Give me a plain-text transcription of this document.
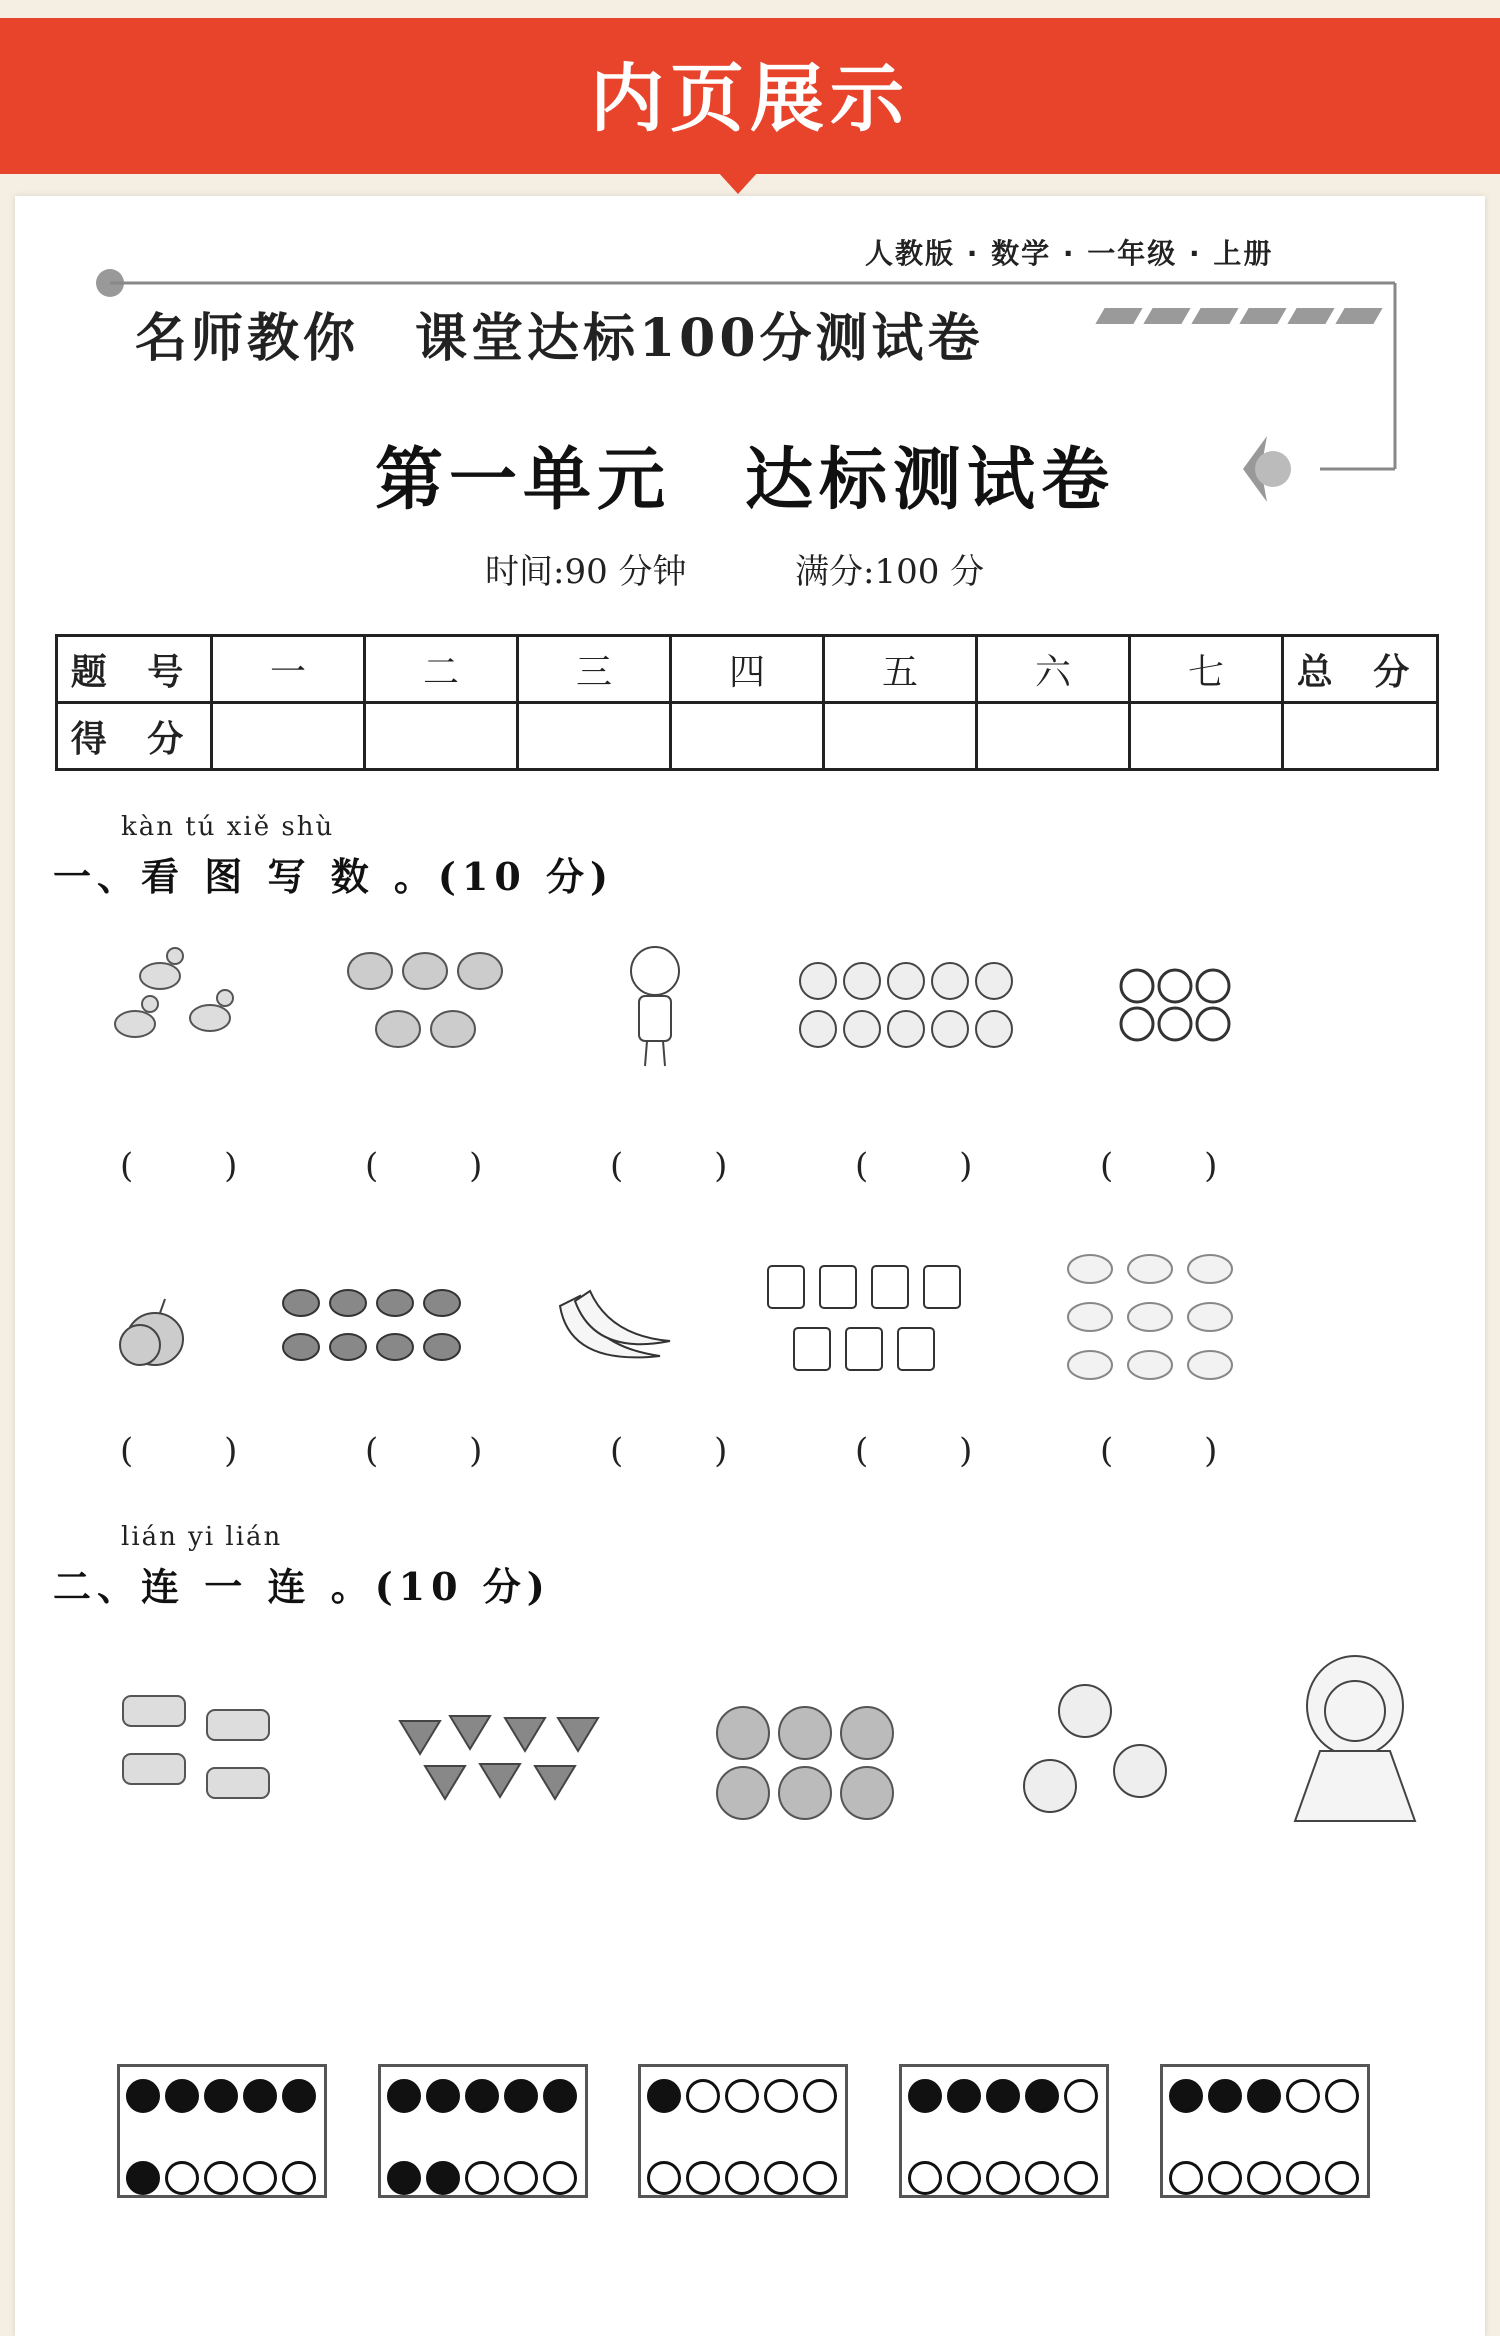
内页展示
人教版 · 数学 · 一年级 · 上册
名师教你　课堂达标100分测试卷
第一单元　达标测试卷
时间:90 分钟	满分:100 分
题 号	一	二	三	四	五	六	七	总 分
得 分								
kàn tú xiě shù
一、看 图 写 数 。(10 分)
( )	( )	( )	( )	( )
( )	( )	( )	( )	( )
lián yi lián
二、连 一 连 。(10 分)
